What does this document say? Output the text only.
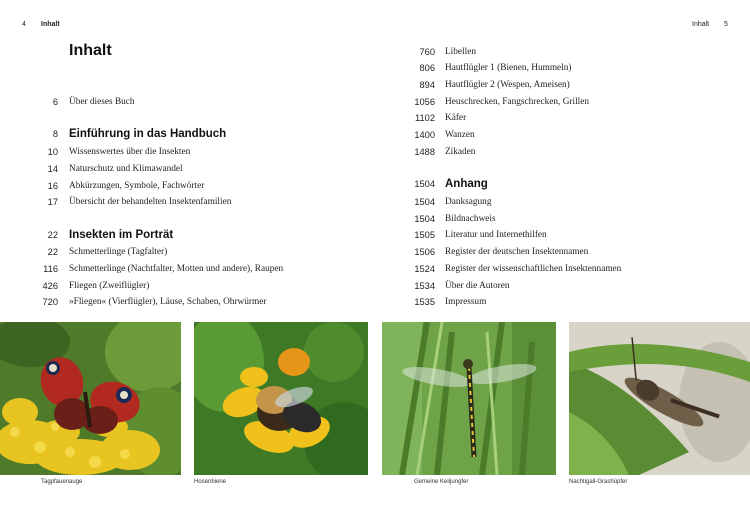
4 Inhalt	Inhalt 5
Inhalt
6 Über dieses Buch
8 Einführung in das Handbuch
10 Wissenswertes über die Insekten
14 Naturschutz und Klimawandel
16 Abkürzungen, Symbole, Fachwörter
17 Übersicht der behandelten Insektenfamilien
22 Insekten im Porträt
22 Schmetterlinge (Tagfalter)
116 Schmetterlinge (Nachtfalter, Motten und andere), Raupen
426 Fliegen (Zweiflügler)
720 »Fliegen« (Vierflügler), Läuse, Schaben, Ohrwürmer
760 Libellen
806 Hautflügler 1 (Bienen, Hummeln)
894 Hautflügler 2 (Wespen, Ameisen)
1056 Heuschrecken, Fangschrecken, Grillen
1102 Käfer
1400 Wanzen
1488 Zikaden
1504 Anhang
1504 Danksagung
1504 Bildnachweis
1505 Literatur und Internethilfen
1506 Register der deutschen Insektennamen
1524 Register der wissenschaftlichen Insektennamen
1534 Über die Autoren
1535 Impressum
Tagpfauenauge	Hosenbiene	Gemeine Keiljungfer	Nachtigall-Grashüpfer
